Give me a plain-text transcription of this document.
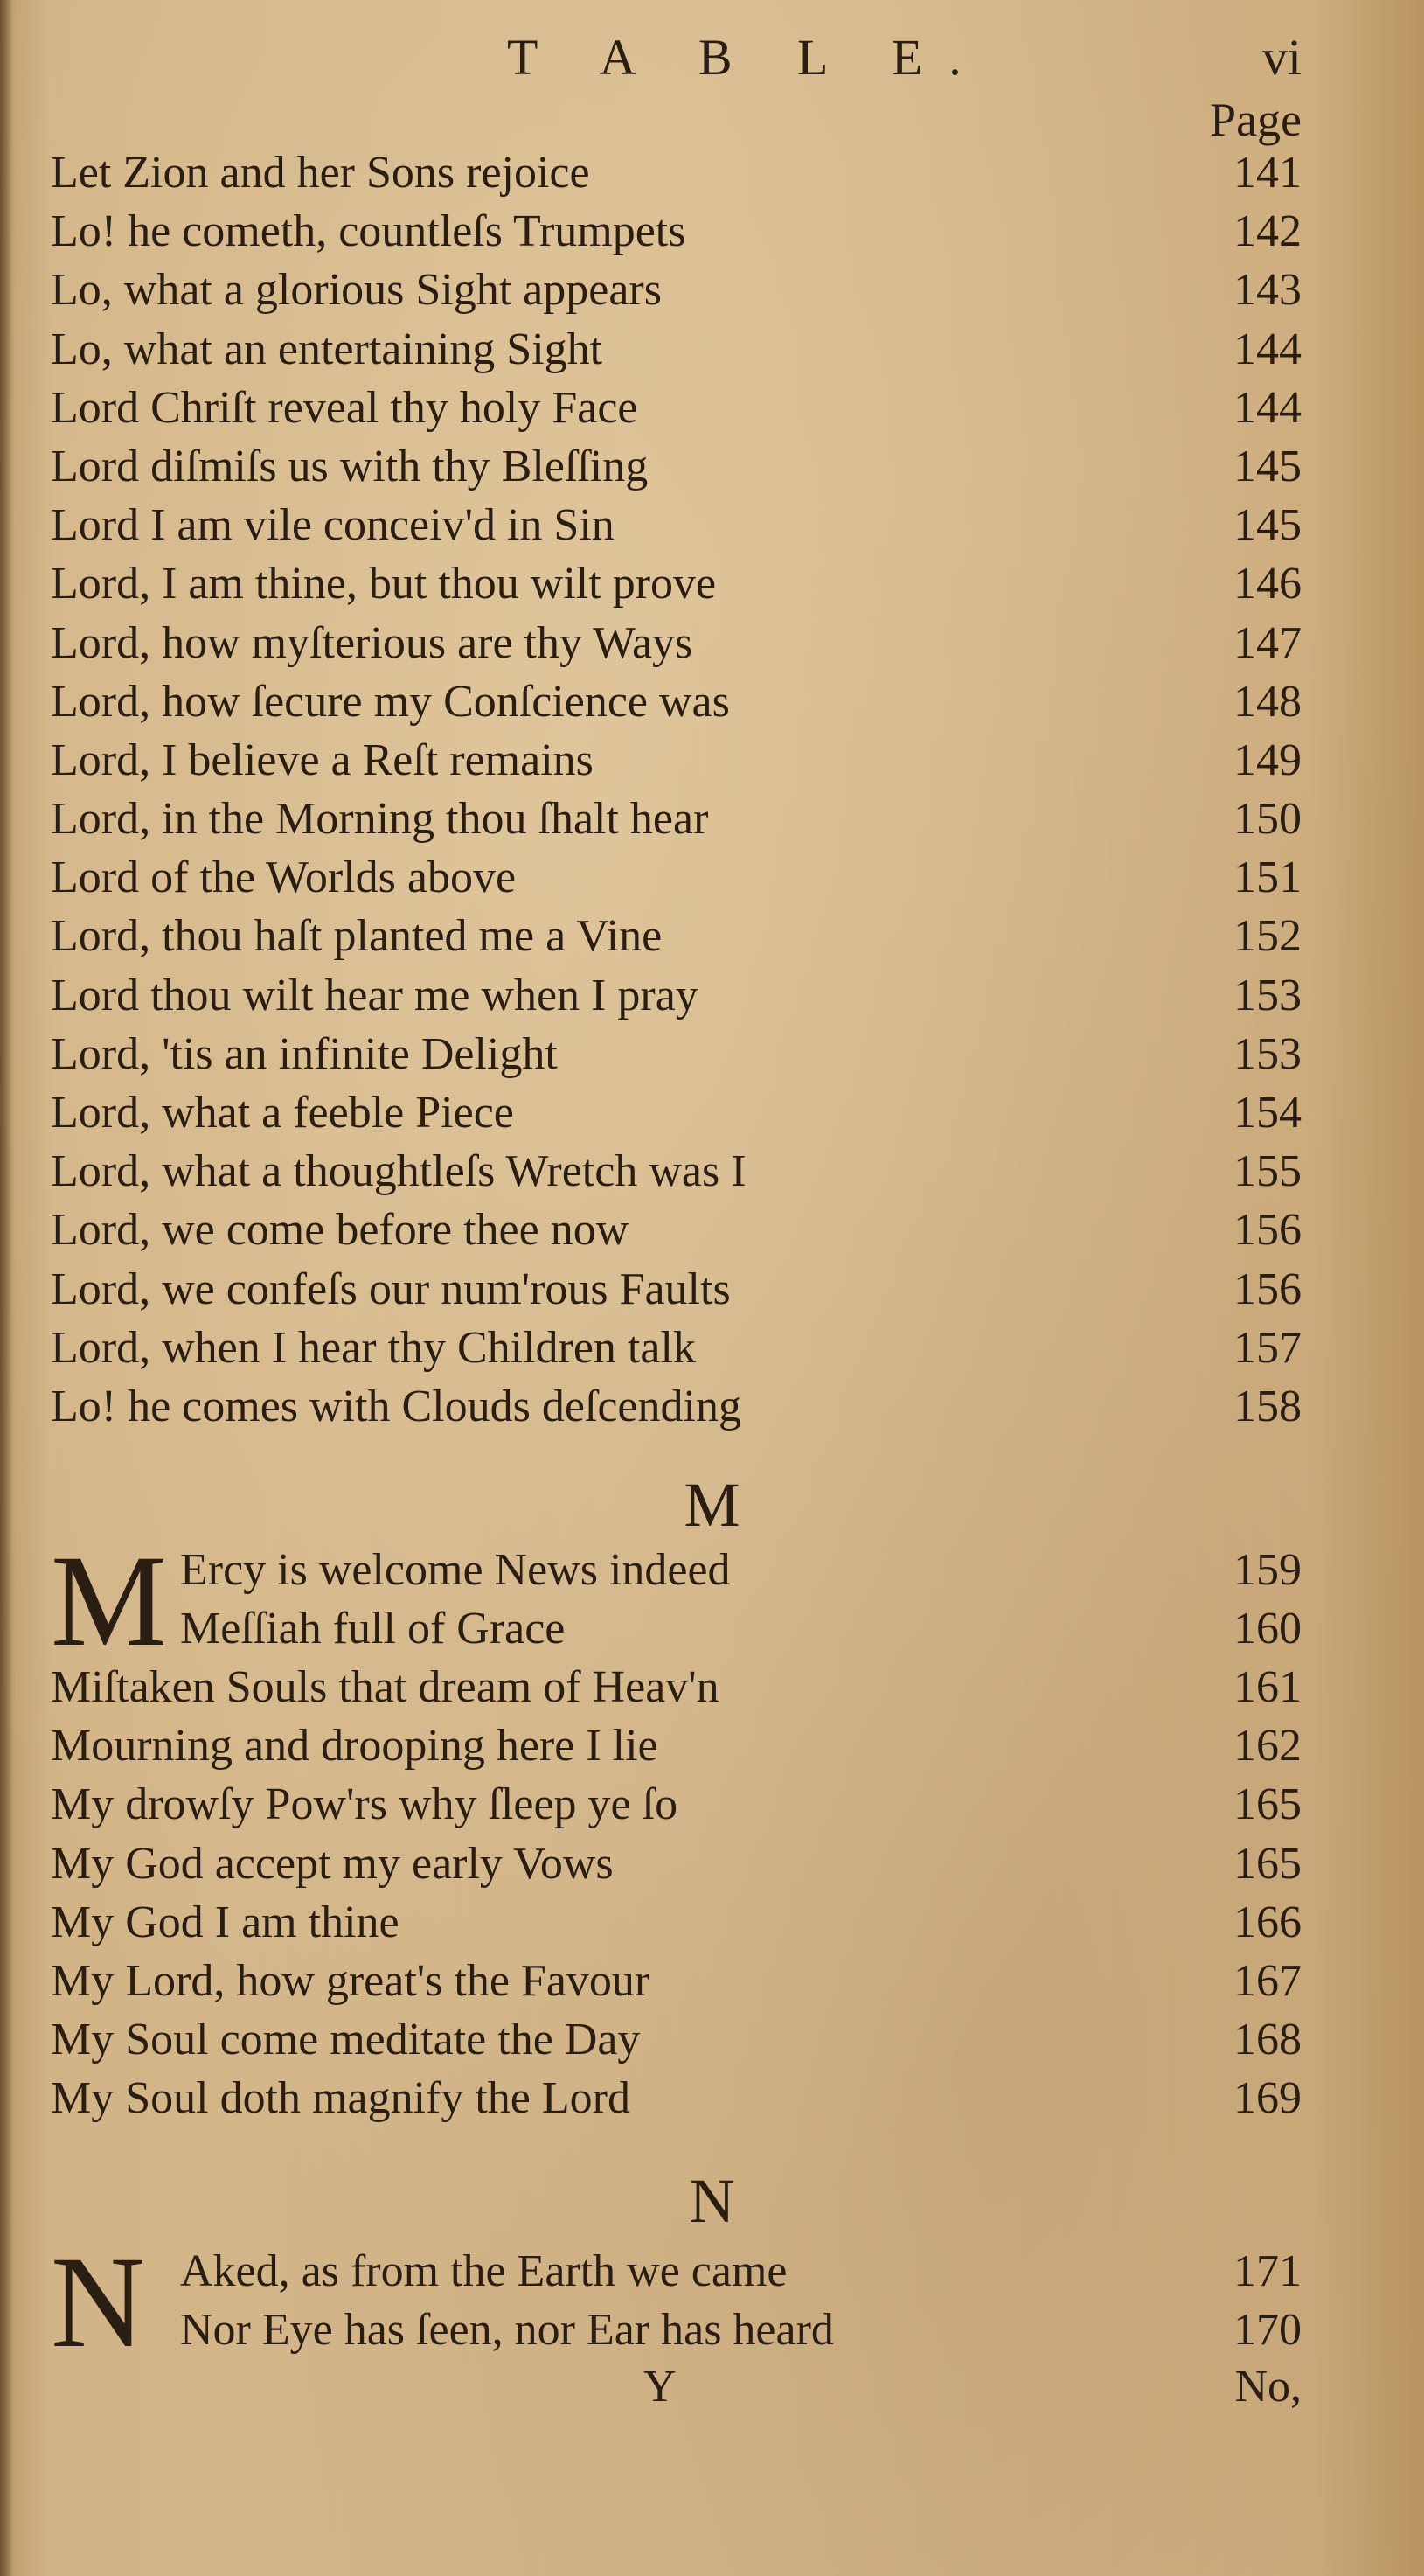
T A B L E.	vi
Page
Let Zion and her Sons rejoice	141
Lo! he cometh, countleſs Trumpets	142
Lo, what a glorious Sight appears	143
Lo, what an entertaining Sight	144
Lord Chriſt reveal thy holy Face	144
Lord diſmiſs us with thy Bleſſing	145
Lord I am vile conceiv'd in Sin	145
Lord, I am thine, but thou wilt prove	146
Lord, how myſterious are thy Ways	147
Lord, how ſecure my Conſcience was	148
Lord, I believe a Reſt remains	149
Lord, in the Morning thou ſhalt hear	150
Lord of the Worlds above	151
Lord, thou haſt planted me a Vine	152
Lord thou wilt hear me when I pray	153
Lord, 'tis an infinite Delight	153
Lord, what a feeble Piece	154
Lord, what a thoughtleſs Wretch was I	155
Lord, we come before thee now	156
Lord, we confeſs our num'rous Faults	156
Lord, when I hear thy Children talk	157
Lo! he comes with Clouds deſcending	158
M
M Ercy is welcome News indeed	159
Meſſiah full of Grace	160
Miſtaken Souls that dream of Heav'n	161
Mourning and drooping here I lie	162
My drowſy Pow'rs why ſleep ye ſo	165
My God accept my early Vows	165
My God I am thine	166
My Lord, how great's the Favour	167
My Soul come meditate the Day	168
My Soul doth magnify the Lord	169
N
N Aked, as from the Earth we came	171
Nor Eye has ſeen, nor Ear has heard	170
Y	No,
